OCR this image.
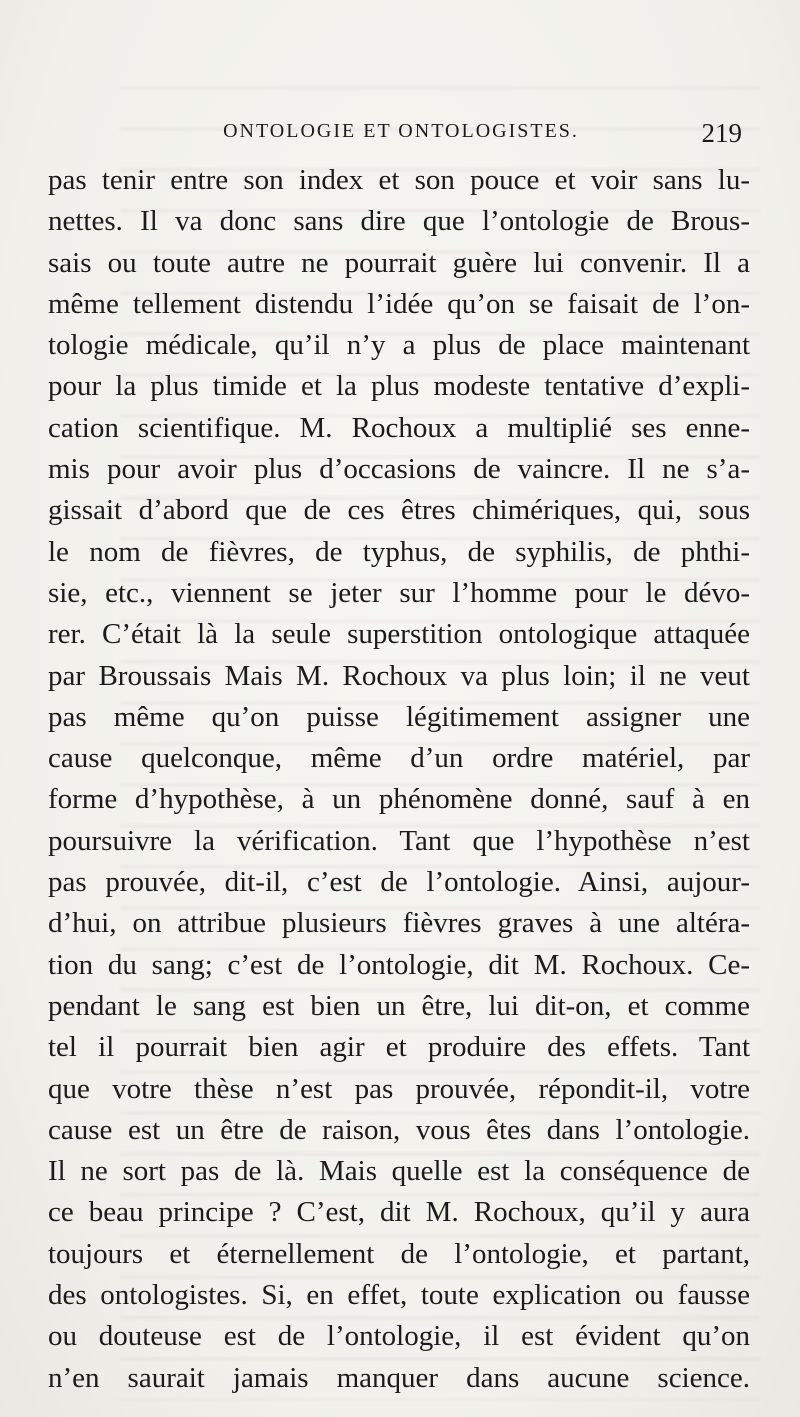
ONTOLOGIE ET ONTOLOGISTES.	219
pas tenir entre son index et son pouce et voir sans lu-
nettes. Il va donc sans dire que l’ontologie de Brous-
sais ou toute autre ne pourrait guère lui convenir. Il a
même tellement distendu l’idée qu’on se faisait de l’on-
tologie médicale, qu’il n’y a plus de place maintenant
pour la plus timide et la plus modeste tentative d’expli-
cation scientifique. M. Rochoux a multiplié ses enne-
mis pour avoir plus d’occasions de vaincre. Il ne s’a-
gissait d’abord que de ces êtres chimériques, qui, sous
le nom de fièvres, de typhus, de syphilis, de phthi-
sie, etc., viennent se jeter sur l’homme pour le dévo-
rer. C’était là la seule superstition ontologique attaquée
par Broussais Mais M. Rochoux va plus loin; il ne veut
pas même qu’on puisse légitimement assigner une
cause quelconque, même d’un ordre matériel, par
forme d’hypothèse, à un phénomène donné, sauf à en
poursuivre la vérification. Tant que l’hypothèse n’est
pas prouvée, dit-il, c’est de l’ontologie. Ainsi, aujour-
d’hui, on attribue plusieurs fièvres graves à une altéra-
tion du sang; c’est de l’ontologie, dit M. Rochoux. Ce-
pendant le sang est bien un être, lui dit-on, et comme
tel il pourrait bien agir et produire des effets. Tant
que votre thèse n’est pas prouvée, répondit-il, votre
cause est un être de raison, vous êtes dans l’ontologie.
Il ne sort pas de là. Mais quelle est la conséquence de
ce beau principe ? C’est, dit M. Rochoux, qu’il y aura
toujours et éternellement de l’ontologie, et partant,
des ontologistes. Si, en effet, toute explication ou fausse
ou douteuse est de l’ontologie, il est évident qu’on
n’en saurait jamais manquer dans aucune science.
